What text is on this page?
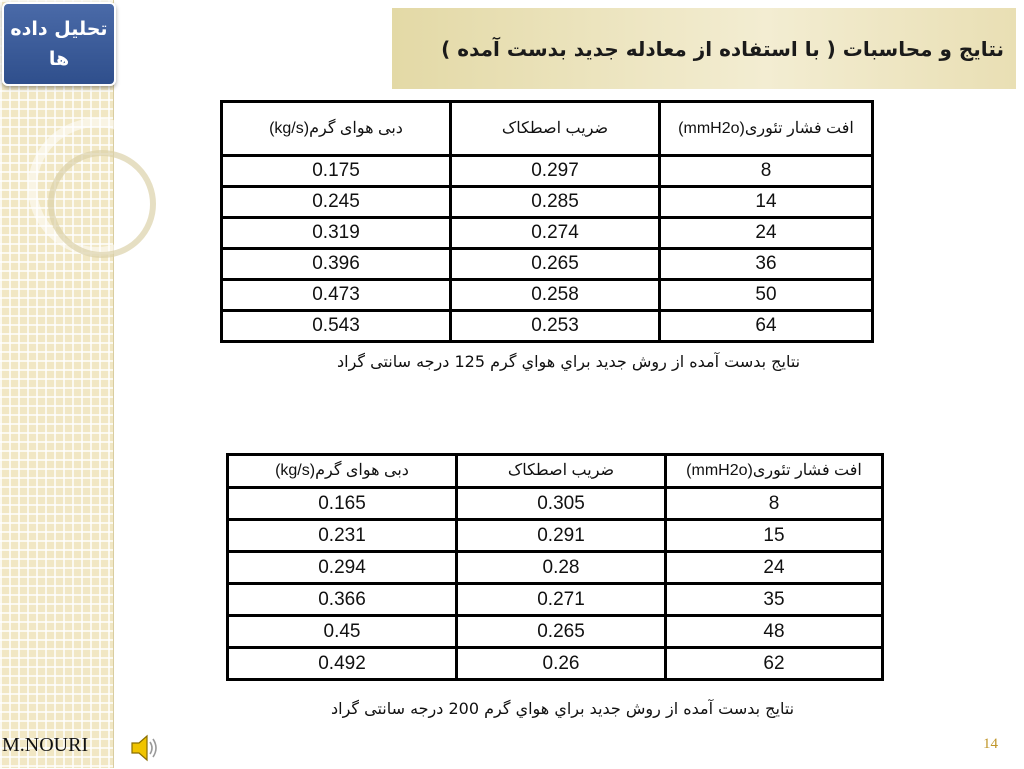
تحلیل داده ها	نتايج و محاسبات ( با استفاده از معادله جديد بدست آمده )
دبی هوای گرم(kg/s)	ضریب اصطکاک	افت فشار تئوری(mmH2o)
0.175	0.297	8
0.245	0.285	14
0.319	0.274	24
0.396	0.265	36
0.473	0.258	50
0.543	0.253	64
نتايج بدست آمده از روش جديد براي هواي گرم 125 درجه سانتی گراد
دبی هوای گرم(kg/s)	ضریب اصطکاک	افت فشار تئوری(mmH2o)
0.165	0.305	8
0.231	0.291	15
0.294	0.28	24
0.366	0.271	35
0.45	0.265	48
0.492	0.26	62
نتايج بدست آمده از روش جديد براي هواي گرم 200 درجه سانتی گراد
M.NOURI	14
